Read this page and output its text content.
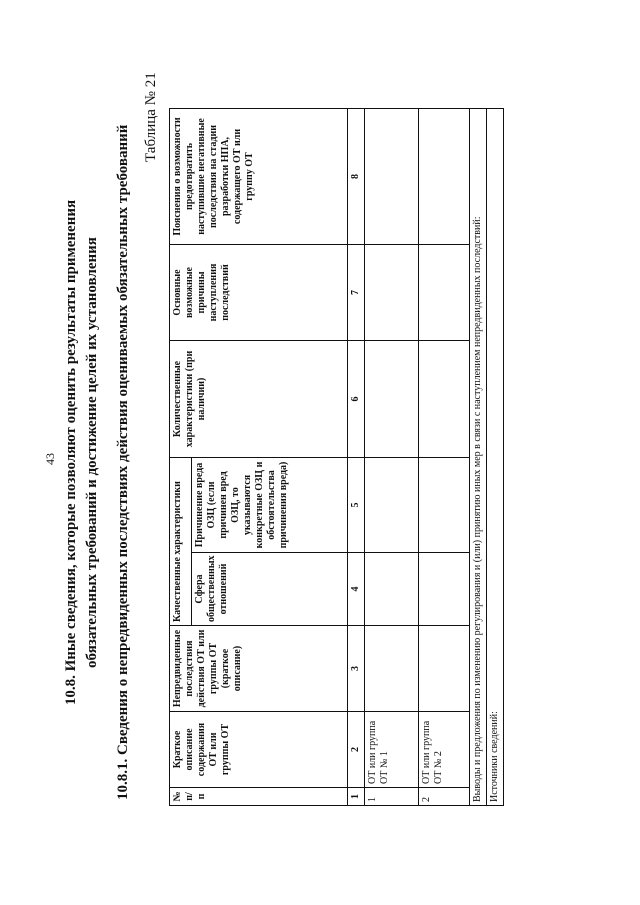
43 10.8. Иные сведения, которые позволяют оценить результаты применения обязательных требований и достижение целей их установления 10.8.1. Сведения о непредвиденных последствиях действия оцениваемых обязательных требований
Таблица № 21
№ п/п	Краткое описание содержания ОТ или группы ОТ	Непредвиденные последствия действия ОТ или группы ОТ (краткое описание)	Качественные характеристики		Количественные характеристики (при наличии)	Основные возможные причины наступления последствий	Пояснения о возможности предотвратить наступившие негативные последствия на стадии разработки НПА, содержащего ОТ или группу ОТ
			Сфера общественных отношений	Причинение вреда ОЗЦ (если причинен вред ОЗЦ, то указываются конкретные ОЗЦ и обстоятельства причинения вреда)			
1	2	3	4	5	6	7	8
1	ОТ или группа ОТ № 1						
2	ОТ или группа ОТ № 2						
Выводы и предложения по изменению регулирования и (или) принятию иных мер в связи с наступлением непредвиденных последствий:							
Источники сведений:							
